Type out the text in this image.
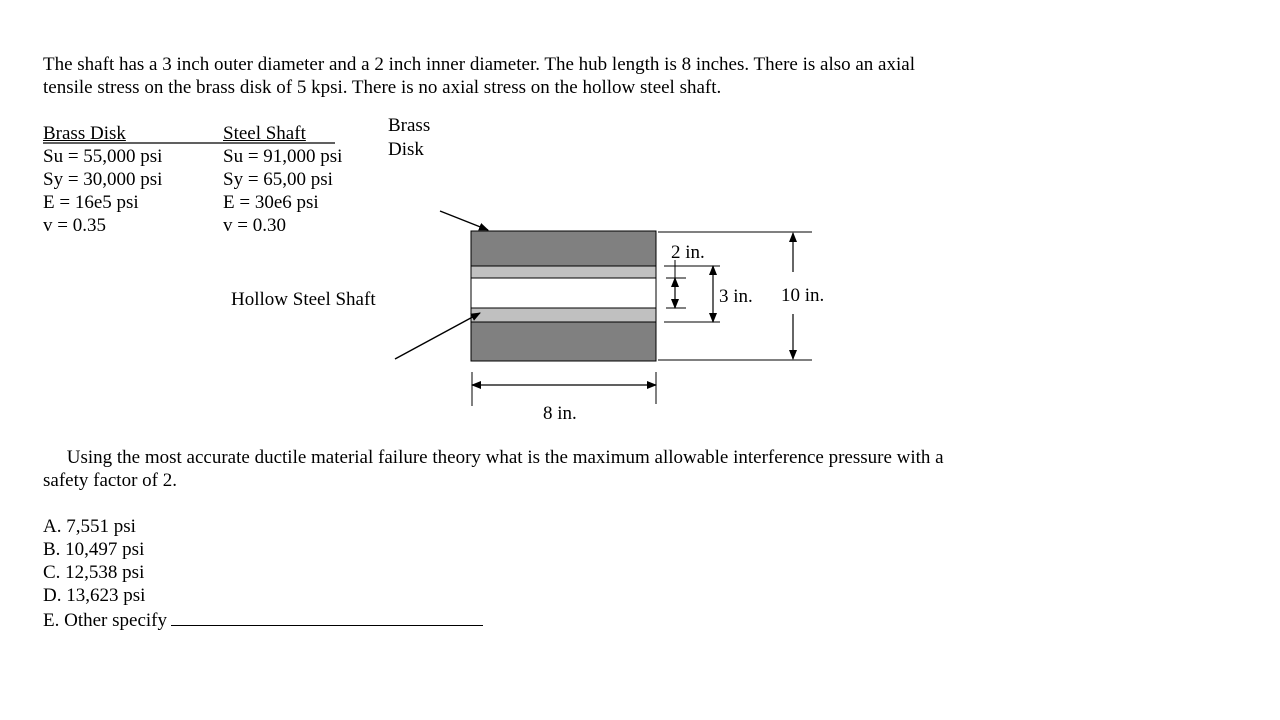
The shaft has a 3 inch outer diameter and a 2 inch inner diameter. The hub length is 8 inches. There is also an axial
tensile stress on the brass disk of 5 kpsi. There is no axial stress on the hollow steel shaft.
Brass Disk
Su = 55,000 psi
Sy = 30,000 psi
E = 16e5 psi
v = 0.35
Steel Shaft
Su = 91,000 psi
Sy = 65,00 psi
E = 30e6 psi
v = 0.30
Brass
Disk
Hollow Steel Shaft
2 in.
3 in. 10 in.
8 in.
Using the most accurate ductile material failure theory what is the maximum allowable interference pressure with a
safety factor of 2.
A. 7,551 psi
B. 10,497 psi
C. 12,538 psi
D. 13,623 psi
E. Other specify
